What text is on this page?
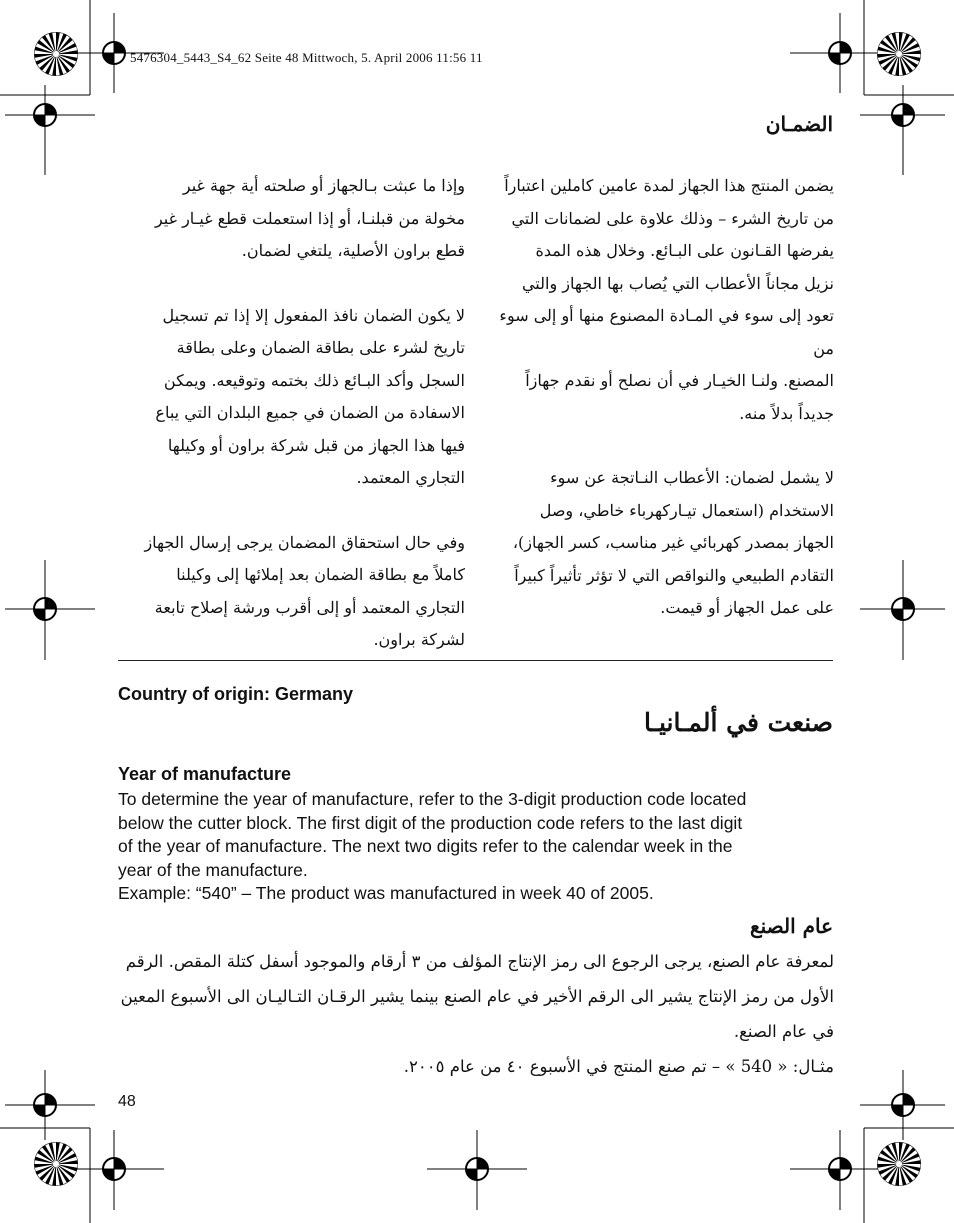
5476304_5443_S4_62 Seite 48 Mittwoch, 5. April 2006 11:56 11
الضمـان

يضمن المنتج هذا الجهاز لمدة عامين كاملين اعتباراً

من تاريخ الشرء – وذلك علاوة على لضمانات التي

يفرضها القـانون على البـائع. وخلال هذه المدة

نزيل مجاناً الأعطاب التي يُصاب بها الجهاز والتي

تعود إلى سوء في المـادة المصنوع منها أو إلى سوء من

المصنع. ولنـا الخيـار في أن نصلح أو نقدم جهازاً

جديداً بدلاً منه.

لا يشمل لضمان: الأعطاب النـاتجة عن سوء

الاستخدام (استعمال تيـاركهرباء خاطي، وصل

الجهاز بمصدر كهربائي غير مناسب، كسر الجهاز)،

التقادم الطبيعي والنواقص التي لا تؤثر تأثيراً كبيراً

على عمل الجهاز أو قيمت.

وإذا ما عبثت بـالجهاز أو صلحته أية جهة غير

مخولة من قبلنـا، أو إذا استعملت قطع غيـار غير

قطع براون الأصلية، يلتغي لضمان.

لا يكون الضمان نافذ المفعول إلا إذا تم تسجيل

تاريخ لشرء على بطاقة الضمان وعلى بطاقة

السجل وأكد البـائع ذلك بختمه وتوقيعه. ويمكن

الاسفادة من الضمان في جميع البلدان التي يباع

فيها هذا الجهاز من قبل شركة براون أو وكيلها

التجاري المعتمد.

وفي حال استحقاق المضمان يرجى إرسال الجهاز

كاملاً مع بطاقة الضمان بعد إملائها إلى وكيلنا

التجاري المعتمد أو إلى أقرب ورشة إصلاح تابعة

لشركة براون.

Country of origin: Germany
صنعت في ألمـانيـا
Year of manufacture

To determine the year of manufacture, refer to the 3-digit production code located

below the cutter block. The first digit of the production code refers to the last digit

of the year of manufacture. The next two digits refer to the calendar week in the

year of the manufacture.

Example: “540” – The product was manufactured in week 40 of 2005.

عام الصنع

لمعرفة عام الصنع، يرجى الرجوع الى رمز الإنتاج المؤلف من ٣ أرقام والموجود أسفل كتلة المقص. الرقم

الأول من رمز الإنتاج يشير الى الرقم الأخير في عام الصنع بينما يشير الرقـان التـاليـان الى الأسبوع المعين

في عام الصنع.

مثـال: « 540 » – تم صنع المنتج في الأسبوع ٤٠ من عام ٢٠٠٥.

48
